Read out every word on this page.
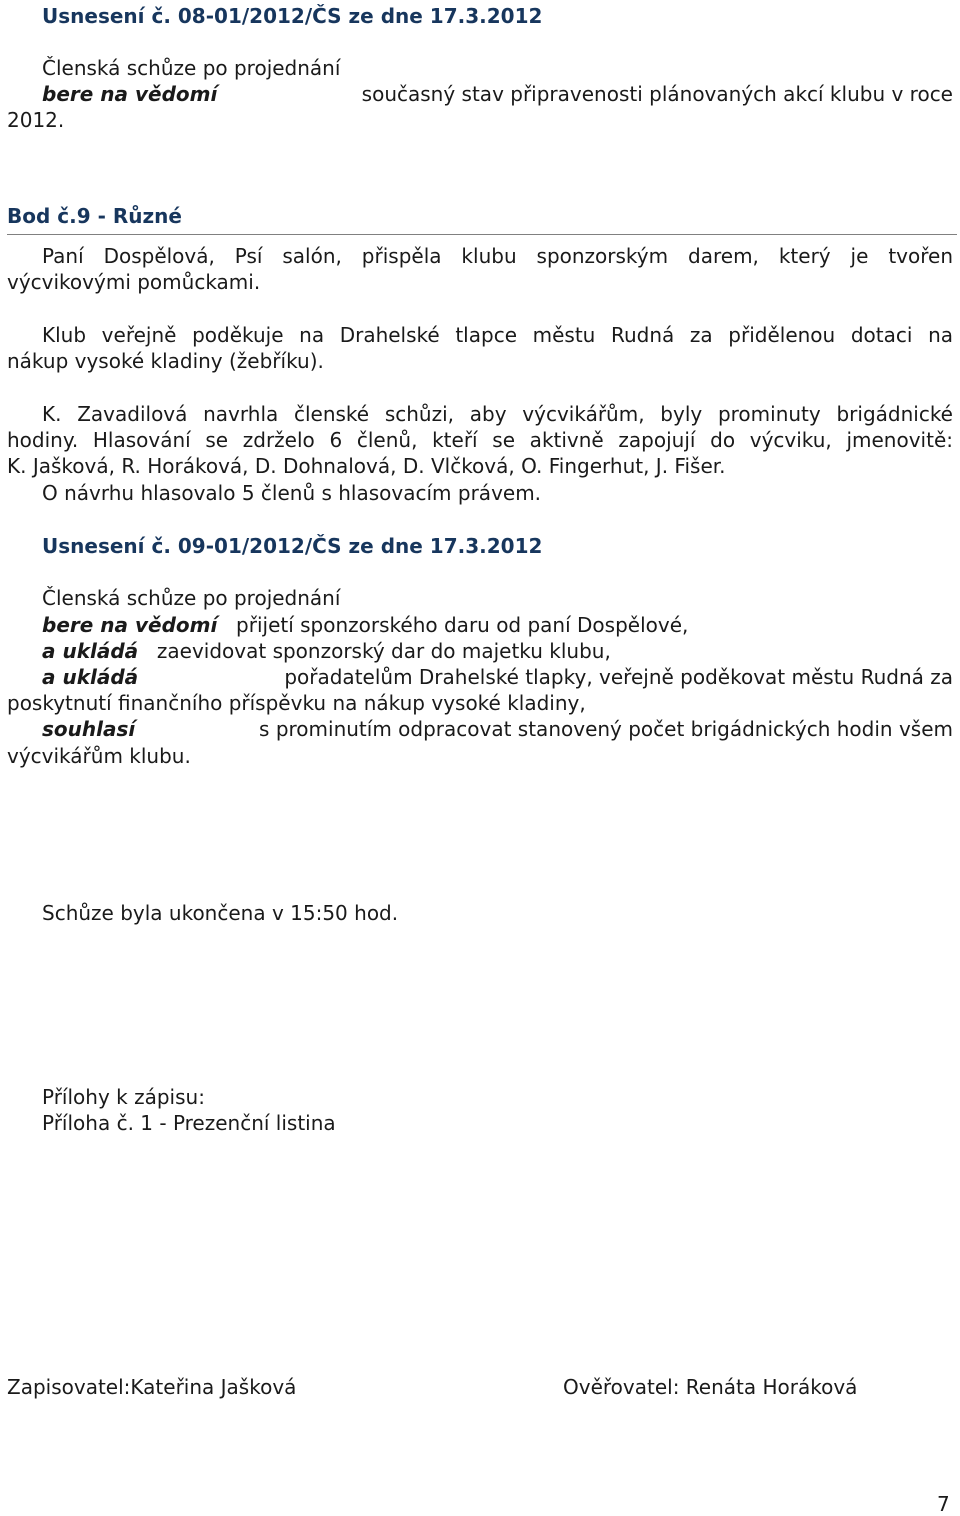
Usnesení č. 08-01/2012/ČS ze dne 17.3.2012
Členská schůze po projednání
bere na vědomí	současný stav připravenosti plánovaných akcí klubu v roce
2012.
Bod č.9 - Různé
Paní Dospělová, Psí salón, přispěla klubu sponzorským darem, který je tvořen
výcvikovými pomůckami.
Klub veřejně poděkuje na Drahelské tlapce městu Rudná za přidělenou dotaci na
nákup vysoké kladiny (žebříku).
K. Zavadilová navrhla členské schůzi, aby výcvikářům, byly prominuty brigádnické
hodiny. Hlasování se zdrželo 6 členů, kteří se aktivně zapojují do výcviku, jmenovitě:
K. Jašková, R. Horáková, D. Dohnalová, D. Vlčková, O. Fingerhut, J. Fišer.
O návrhu hlasovalo 5 členů s hlasovacím právem.
Usnesení č. 09-01/2012/ČS ze dne 17.3.2012
Členská schůze po projednání
bere na vědomí přijetí sponzorského daru od paní Dospělové,
a ukládá zaevidovat sponzorský dar do majetku klubu,
a ukládá	pořadatelům Drahelské tlapky, veřejně poděkovat městu Rudná za
poskytnutí finančního příspěvku na nákup vysoké kladiny,
souhlasí	s prominutím odpracovat stanovený počet brigádnických hodin všem
výcvikářům klubu.
Schůze byla ukončena v 15:50 hod.
Přílohy k zápisu:
Příloha č. 1 - Prezenční listina
Zapisovatel:Kateřina Jašková	Ověřovatel: Renáta Horáková
7
